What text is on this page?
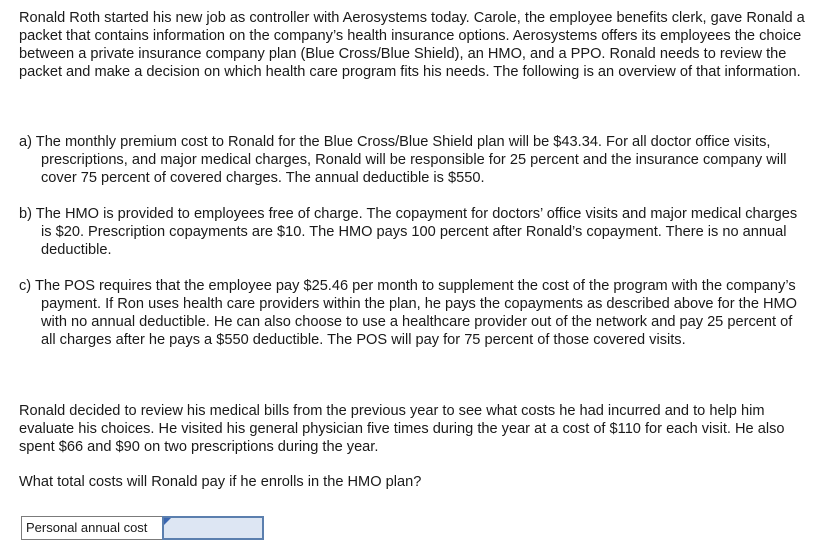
Ronald Roth started his new job as controller with Aerosystems today. Carole, the employee benefits clerk, gave Ronald a packet that contains information on the company’s health insurance options. Aerosystems offers its employees the choice between a private insurance company plan (Blue Cross/Blue Shield), an HMO, and a PPO. Ronald needs to review the packet and make a decision on which health care program fits his needs. The following is an overview of that information.
a) The monthly premium cost to Ronald for the Blue Cross/Blue Shield plan will be $43.34. For all doctor office visits, prescriptions, and major medical charges, Ronald will be responsible for 25 percent and the insurance company will cover 75 percent of covered charges. The annual deductible is $550.
b) The HMO is provided to employees free of charge. The copayment for doctors’ office visits and major medical charges is $20. Prescription copayments are $10. The HMO pays 100 percent after Ronald’s copayment. There is no annual deductible.
c) The POS requires that the employee pay $25.46 per month to supplement the cost of the program with the company’s payment. If Ron uses health care providers within the plan, he pays the copayments as described above for the HMO with no annual deductible. He can also choose to use a healthcare provider out of the network and pay 25 percent of all charges after he pays a $550 deductible. The POS will pay for 75 percent of those covered visits.
Ronald decided to review his medical bills from the previous year to see what costs he had incurred and to help him evaluate his choices. He visited his general physician five times during the year at a cost of $110 for each visit. He also spent $66 and $90 on two prescriptions during the year.
What total costs will Ronald pay if he enrolls in the HMO plan?
Personal annual cost
